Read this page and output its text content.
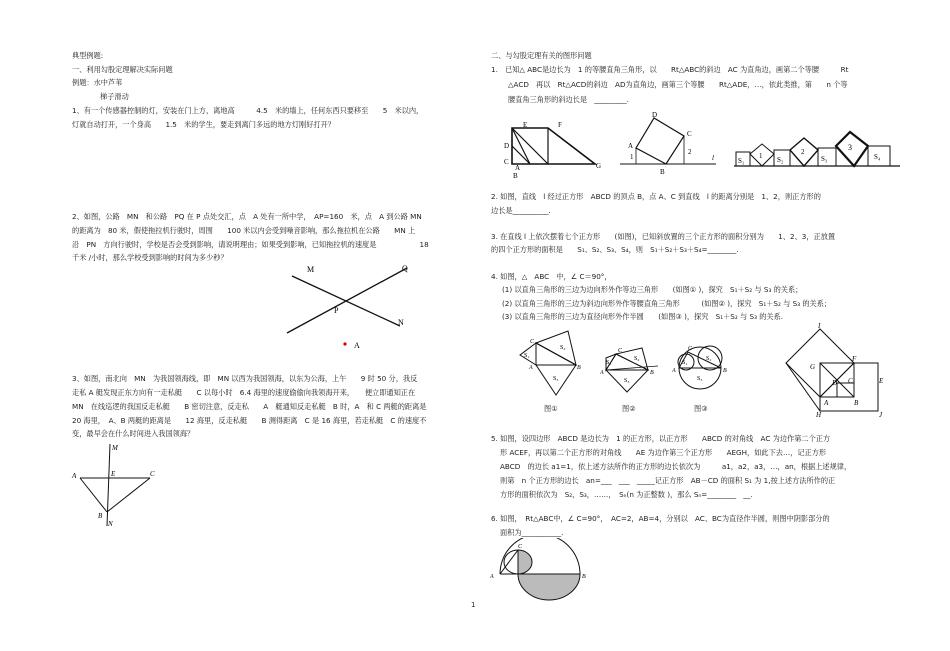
典型例题:
一、利用勾股定理解决实际问题
例题：水中芦苇
梯子滑动
1、有一个传感器控制的灯，安装在门上方，离地高　　　4.5　米的墙上，任何东西只要移至　　5　米以内，
灯就自动打开，一个身高　　1.5　米的学生，要走到离门多远的地方灯刚好打开？
2、如图，公路　MN　和公路　PQ 在 P 点处交汇，点　A 处有一所中学，　AP=160　米，点　A 到公路 MN
的距离为　80 米，假使拖拉机行驶时，周围　　100 米以内会受到噪音影响，那么拖拉机在公路　　MN 上
沿　PN　方向行驶时，学校是否会受到影响，请说明理由；如果受到影响，已知拖拉机的速度是　　　　　　18
千米 /小时，那么学校受到影响的时间为多少秒？
3、如图，南北向　MN　为我国领海线，即　MN 以西为我国领海，以东为公海，上午　　9 时 50 分，我反
走私 A 艇发现正东方向有一走私艇　　C 以每小时　6.4 海里的速度偷偷向我领海开来，　　便立即通知正在
MN　在线巡逻的我国反走私艇　　B 密切注意，反走私　　A　艇通知反走私艇　B 时，A　和 C 两艇的距离是
20 海里，　A、B 两艇的距离是　　12 海里，反走私艇　　B 测得距离　C 是 16 海里，若走私艇　C 的速度不
变，最早会在什么时间进入我国领海？
M	Q
P
N
A
M
A	E	C
B
N
二、与勾股定理有关的图形问题
1.　已知△ ABC是边长为　1 的等腰直角三角形，以　　Rt△ABC的斜边　AC 为直角边，画第二个等腰　　　Rt
△ACD　再以　Rt△ACD的斜边　AD为直角边，画第三个等腰　　Rt△ADE，…，依此类推，第　　n 个等
腰直角三角形的斜边长是　_________.
E	F
D
C
A
B
G
D
A
1
B
C
2
l	S₁
1 S₂
2
S₃
3
S₄
2. 如图，直线　l 经过正方形　ABCD 的顶点 B，点 A、C 到直线　l 的距离分别是　1、2，则正方形的
边长是__________.
3. 在直线 l 上依次摆着七个正方形　　(如图)，已知斜放置的三个正方形的面积分别为　　1、2、3，正放置
的四个正方形的面积是　　S₁、S₂、S₃、S₄，则　S₁＋S₂＋S₃＋S₄=________.
4. 如图，△　ABC　中，∠ C＝90°，
(1) 以直角三角形的三边为边向形外作等边三角形　　(如图① )，探究　S₁＋S₂ 与 S₃ 的关系；
(2) 以直角三角形的三边为斜边向形外作等腰直角三角形　　　(如图② )，探究　S₁＋S₂ 与 S₃ 的关系；
(3) 以直角三角形的三边为直径向形外作半圆　　(如图③ )，探究　S₁＋S₂ 与 S₃ 的关系.
S₁
S₂
S₃
C
A	B
图①
S₁
S₂
S₃
C
A	B
图②
S₁
S₂
S₃
C
A	B
图③
I
G
F
D C	E
A	B
H	J
5. 如图，设四边形　ABCD 是边长为　1 的正方形，以正方形　　ABCD 的对角线　AC 为边作第二个正方
形 ACEF，再以第二个正方形的对角线　　AE 为边作第三个正方形　　AEGH，如此下去…，记正方形
ABCD　的边长 a1=1，依上述方法所作的正方形的边长依次为　　　a1，a2，a3，…，an，根据上述规律，
则第　n 个正方形的边长　an=___　___　_____记正方形　AB－CD 的面积 S₁ 为 1,按上述方法所作的正
方形的面积依次为　S₂，S₃，……，　Sₙ(n 为正整数 )，那么 Sₙ=________　__.
6. 如图，　Rt△ABC中，∠ C=90°，　AC=2，AB=4，分别以　AC、BC为直径作半圆，则图中阴影部分的
面积为___________.
C
A	B
1
